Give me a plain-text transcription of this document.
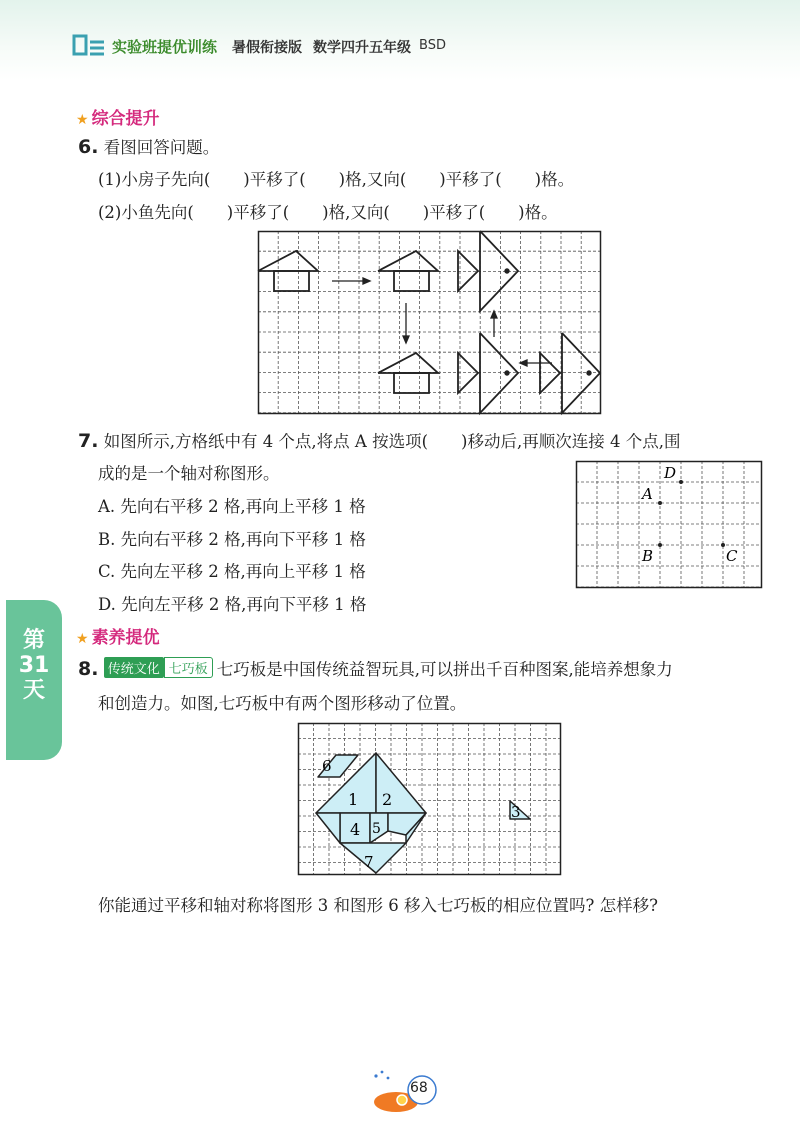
实验班提优训练 暑假衔接版 数学四升五年级 BSD
★ 综合提升
6. 看图回答问题。
(1)小房子先向(　　)平移了(　　)格,又向(　　)平移了(　　)格。
(2)小鱼先向(　　)平移了(　　)格,又向(　　)平移了(　　)格。
7. 如图所示,方格纸中有 4 个点,将点 A 按选项(　　)移动后,再顺次连接 4 个点,围
成的是一个轴对称图形。
A. 先向右平移 2 格,再向上平移 1 格
B. 先向右平移 2 格,再向下平移 1 格
C. 先向左平移 2 格,再向上平移 1 格
D. 先向左平移 2 格,再向下平移 1 格
A
D
B	C
第
31
天
★ 素养提优
8. 传统文化 七巧板 七巧板是中国传统益智玩具,可以拼出千百种图案,能培养想象力
和创造力。如图,七巧板中有两个图形移动了位置。
6
1 2
3
4 5
7
你能通过平移和轴对称将图形 3 和图形 6 移入七巧板的相应位置吗? 怎样移?
68
